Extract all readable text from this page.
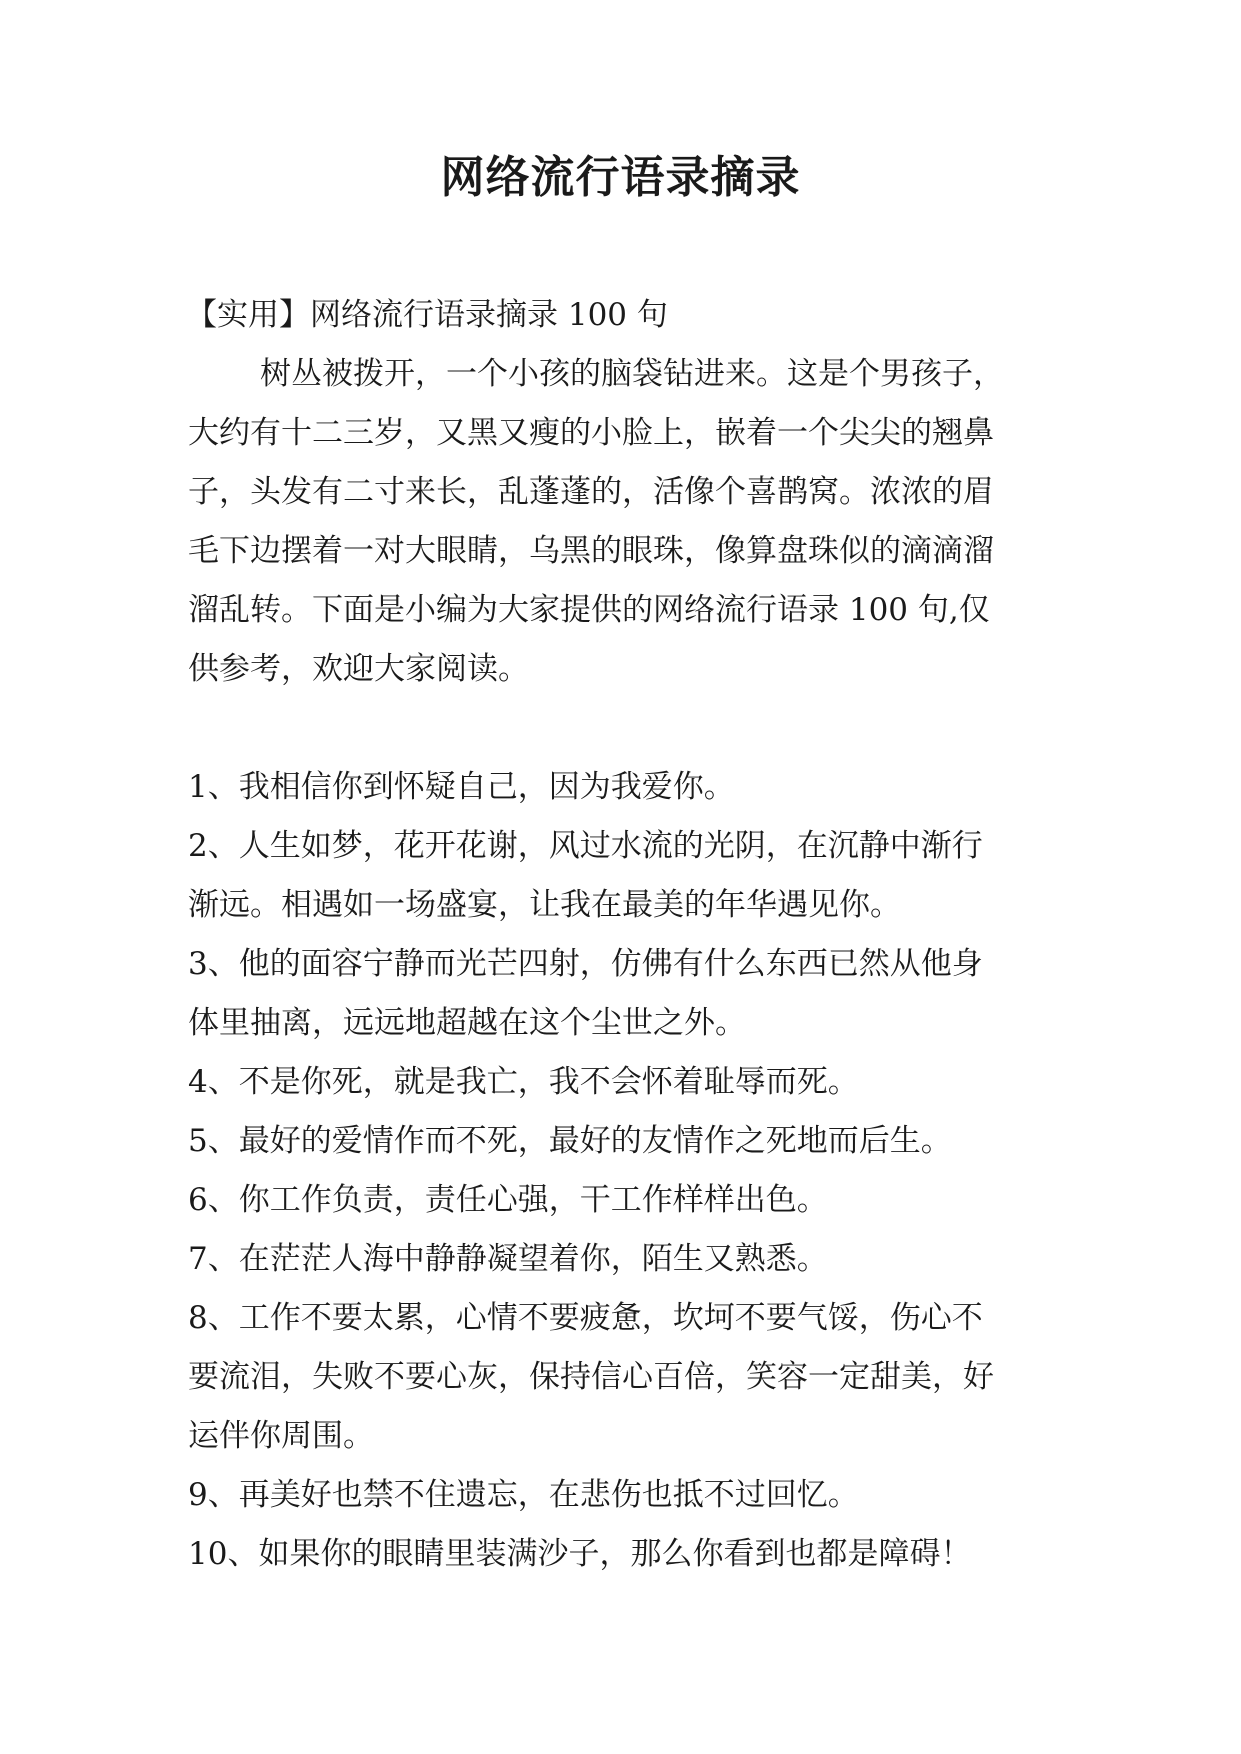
网络流行语录摘录
【实用】网络流行语录摘录 100 句
树丛被拨开，一个小孩的脑袋钻进来。这是个男孩子，
大约有十二三岁，又黑又瘦的小脸上，嵌着一个尖尖的翘鼻
子，头发有二寸来长，乱蓬蓬的，活像个喜鹊窝。浓浓的眉
毛下边摆着一对大眼睛，乌黑的眼珠，像算盘珠似的滴滴溜
溜乱转。下面是小编为大家提供的网络流行语录 100 句,仅
供参考，欢迎大家阅读。
1、我相信你到怀疑自己，因为我爱你。
2、人生如梦，花开花谢，风过水流的光阴，在沉静中渐行
渐远。相遇如一场盛宴，让我在最美的年华遇见你。
3、他的面容宁静而光芒四射，仿佛有什么东西已然从他身
体里抽离，远远地超越在这个尘世之外。
4、不是你死，就是我亡，我不会怀着耻辱而死。
5、最好的爱情作而不死，最好的友情作之死地而后生。
6、你工作负责，责任心强，干工作样样出色。
7、在茫茫人海中静静凝望着你，陌生又熟悉。
8、工作不要太累，心情不要疲惫，坎坷不要气馁，伤心不
要流泪，失败不要心灰，保持信心百倍，笑容一定甜美，好
运伴你周围。
9、再美好也禁不住遗忘，在悲伤也抵不过回忆。
10、如果你的眼睛里装满沙子，那么你看到也都是障碍！
